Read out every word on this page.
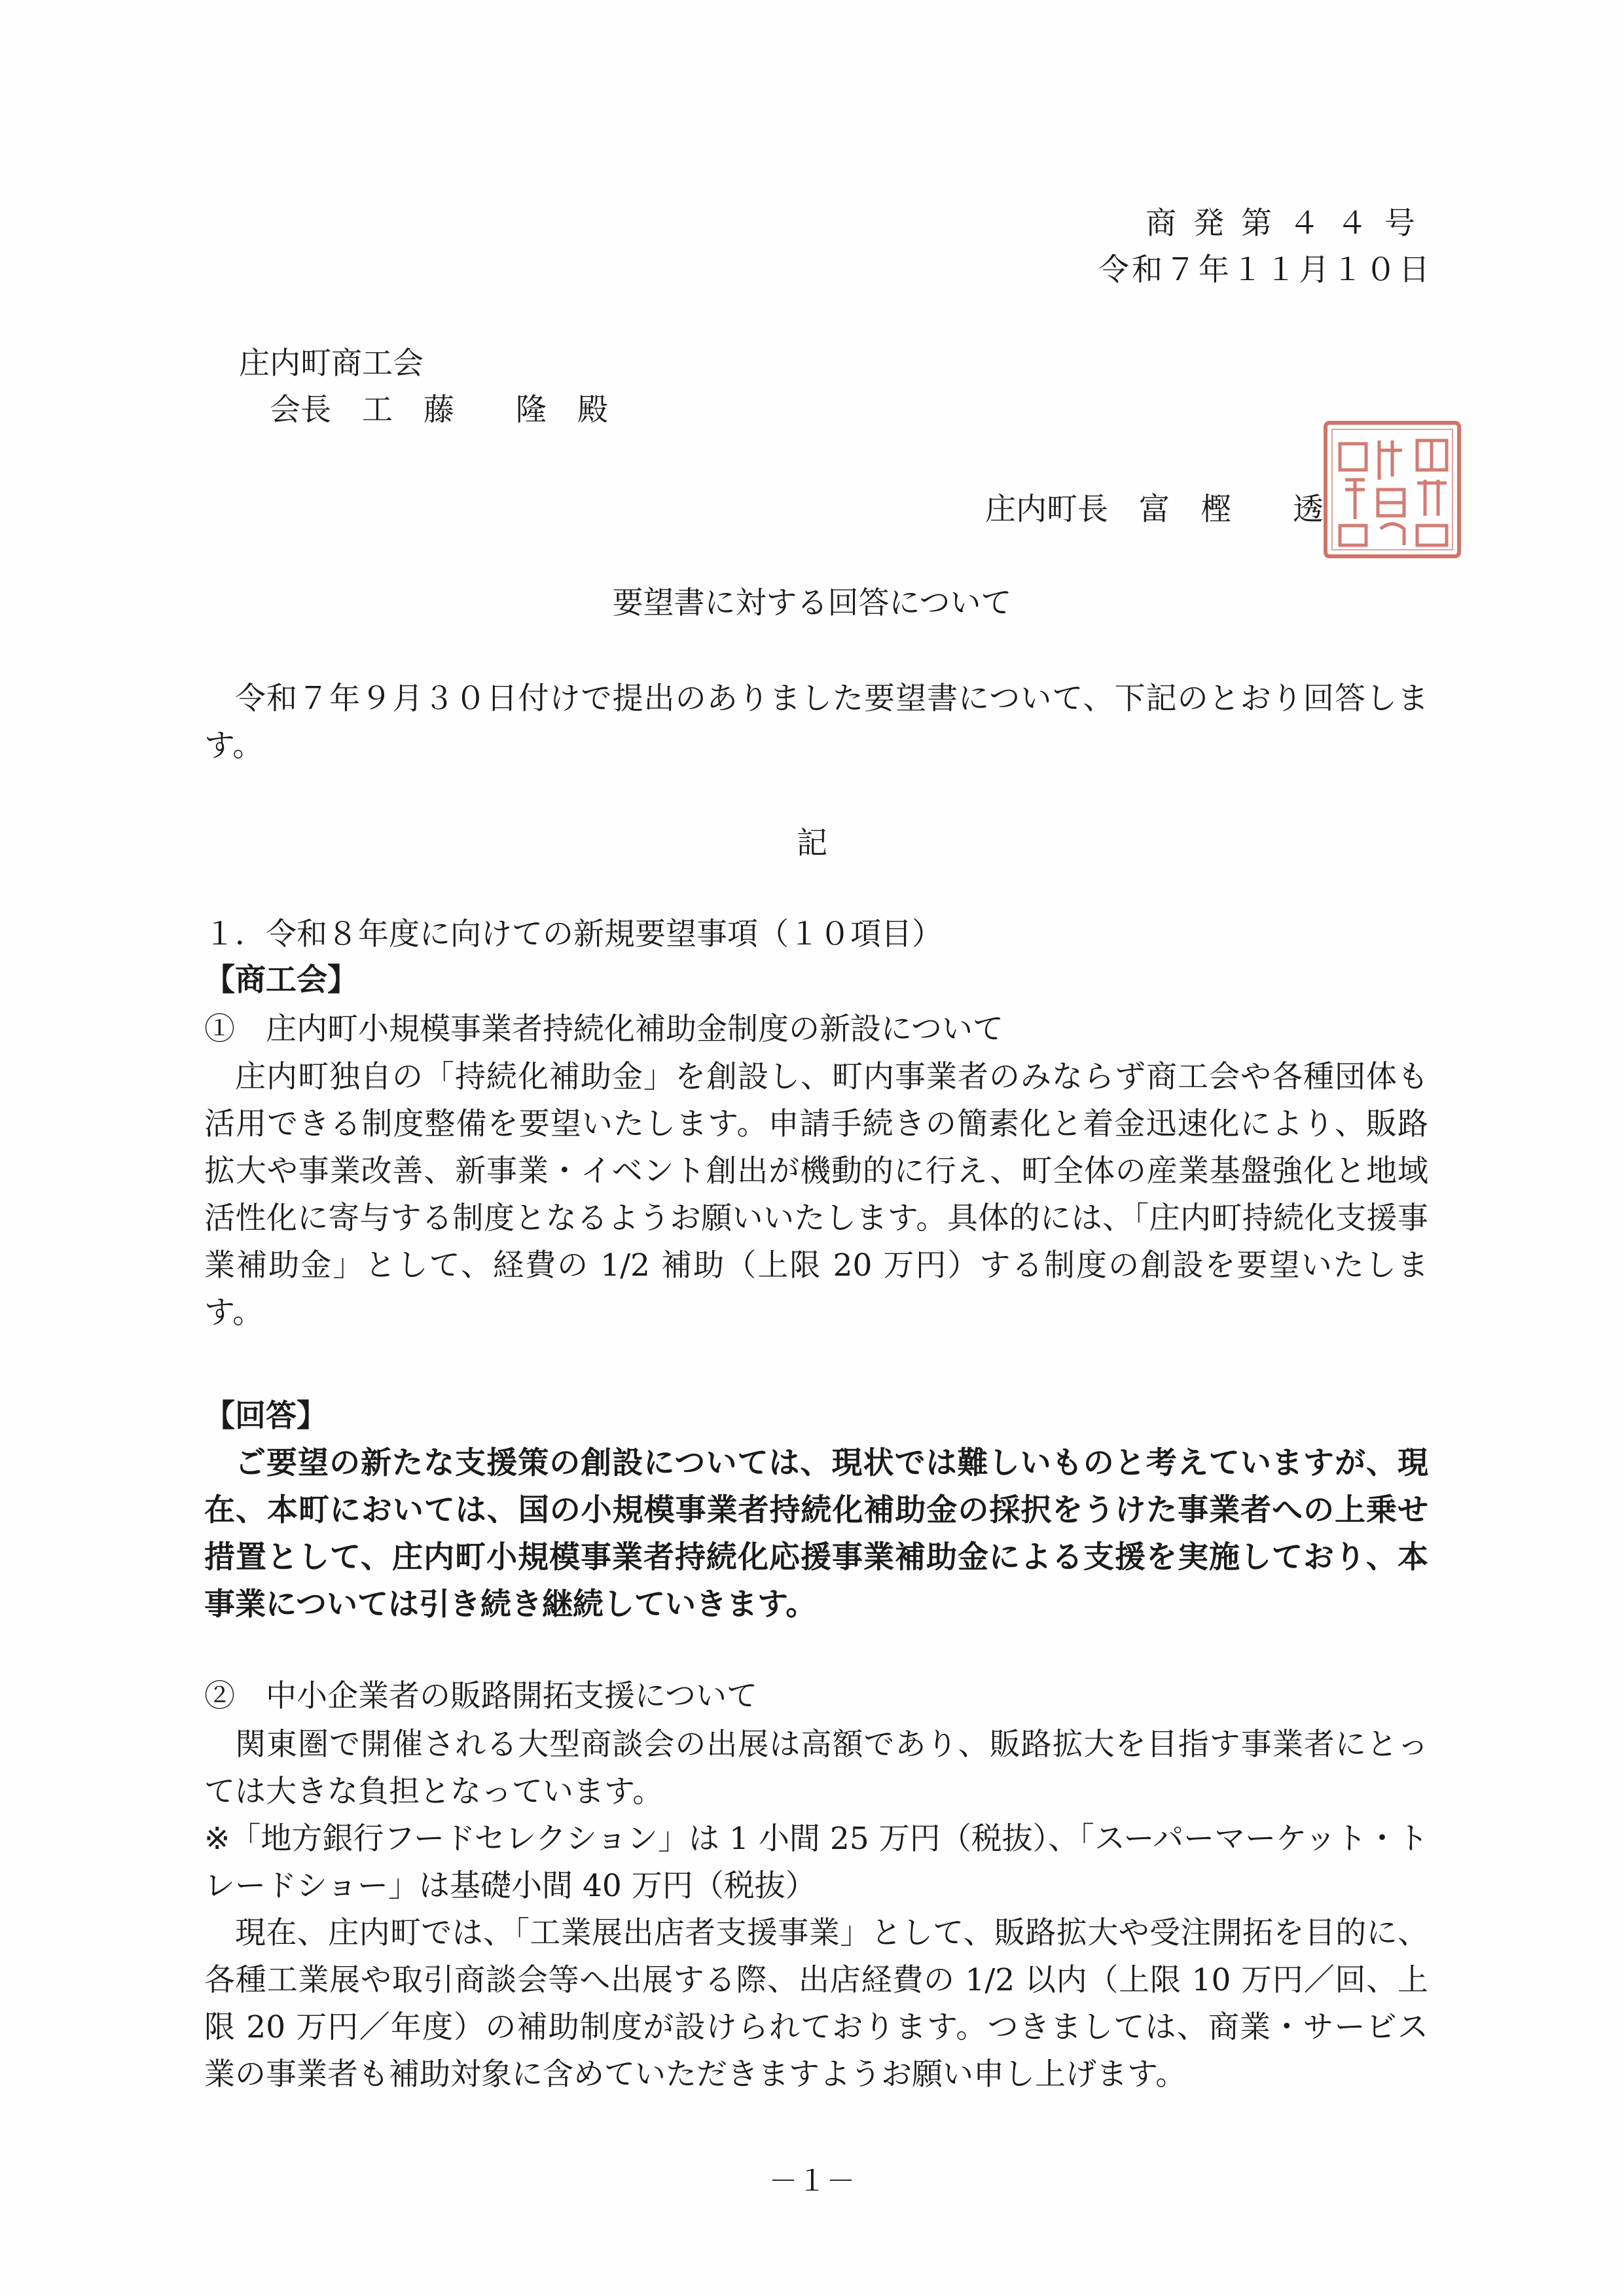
商発第４４号
令和７年１１月１０日
庄内町商工会
会長　工　藤　　隆　殿
庄内町長　富　樫　　透
要望書に対する回答について

令和７年９月３０日付けで提出のありました要望書について、下記のとおり回答します。

記
１．令和８年度に向けての新規要望事項（１０項目）
【商工会】
①　庄内町小規模事業者持続化補助金制度の新設について

庄内町独自の「持続化補助金」を創設し、町内事業者のみならず商工会や各種団体も活用できる制度整備を要望いたします。申請手続きの簡素化と着金迅速化により、販路拡大や事業改善、新事業・イベント創出が機動的に行え、町全体の産業基盤強化と地域活性化に寄与する制度となるようお願いいたします。具体的には、「庄内町持続化支援事業補助金」として、経費の 1/2 補助（上限 20 万円）する制度の創設を要望いたします。

【回答】

ご要望の新たな支援策の創設については、現状では難しいものと考えていますが、現在、本町においては、国の小規模事業者持続化補助金の採択をうけた事業者への上乗せ措置として、庄内町小規模事業者持続化応援事業補助金による支援を実施しており、本事業については引き続き継続していきます。

②　中小企業者の販路開拓支援について

関東圏で開催される大型商談会の出展は高額であり、販路拡大を目指す事業者にとっては大きな負担となっています。
※「地方銀行フードセレクション」は 1 小間 25 万円（税抜）、「スーパーマーケット・トレードショー」は基礎小間 40 万円（税抜）
現在、庄内町では、「工業展出店者支援事業」として、販路拡大や受注開拓を目的に、各種工業展や取引商談会等へ出展する際、出店経費の 1/2 以内（上限 10 万円／回、上限 20 万円／年度）の補助制度が設けられております。つきましては、商業・サービス業の事業者も補助対象に含めていただきますようお願い申し上げます。

－１－
